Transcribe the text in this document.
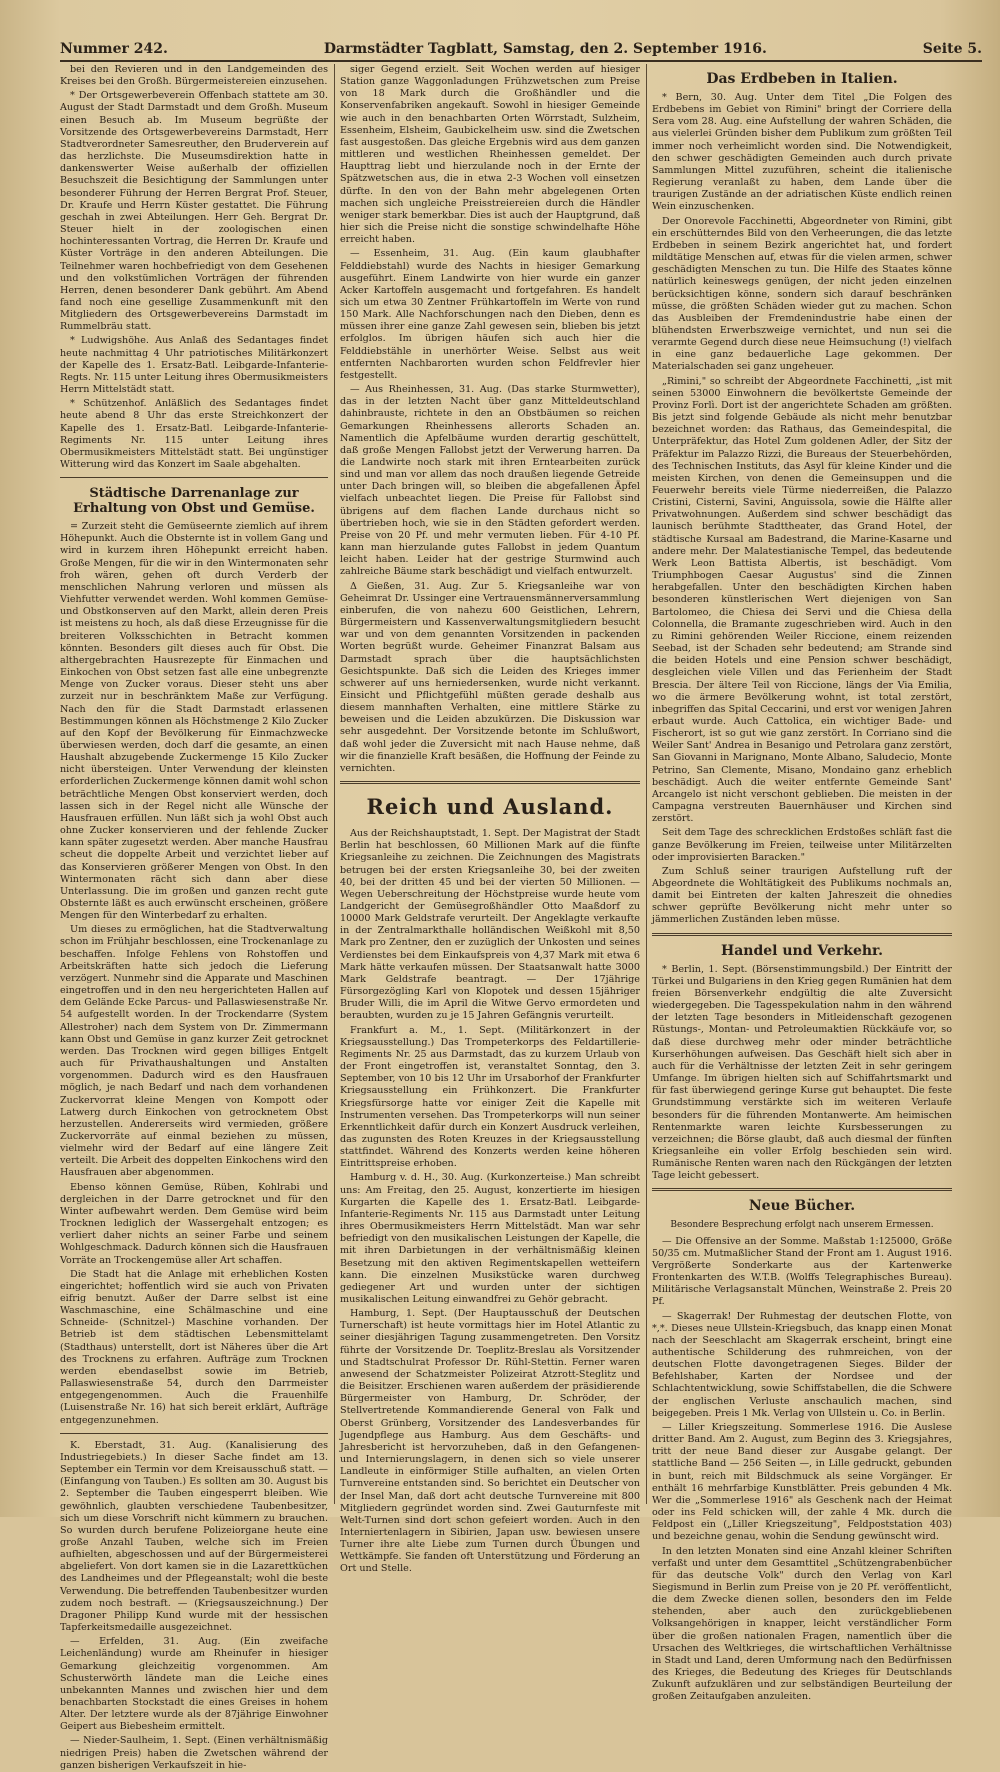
Nummer 242.	Darmstädter Tagblatt, Samstag, den 2. September 1916.	Seite 5.

bei den Revieren und in den Landgemeinden des Kreises bei den Großh. Bürgermeistereien einzusehen.

* Der Ortsgewerbeverein Offenbach stattete am 30. August der Stadt Darmstadt und dem Großh. Museum einen Besuch ab. Im Museum begrüßte der Vorsitzende des Ortsgewerbevereins Darmstadt, Herr Stadtverordneter Samesreuther, den Bruderverein auf das herzlichste. Die Museumsdirektion hatte in dankenswerter Weise außerhalb der offiziellen Besuchszeit die Besichtigung der Sammlungen unter besonderer Führung der Herren Bergrat Prof. Steuer, Dr. Kraufe und Herrn Küster gestattet. Die Führung geschah in zwei Abteilungen. Herr Geh. Bergrat Dr. Steuer hielt in der zoologischen einen hochinteressanten Vortrag, die Herren Dr. Kraufe und Küster Vorträge in den anderen Abteilungen. Die Teilnehmer waren hochbefriedigt von dem Gesehenen und den volkstümlichen Vorträgen der führenden Herren, denen besonderer Dank gebührt. Am Abend fand noch eine gesellige Zusammenkunft mit den Mitgliedern des Ortsgewerbevereins Darmstadt im Rummelbräu statt.

* Ludwigshöhe. Aus Anlaß des Sedantages findet heute nachmittag 4 Uhr patriotisches Militärkonzert der Kapelle des 1. Ersatz-Batl. Leibgarde-Infanterie-Regts. Nr. 115 unter Leitung ihres Obermusikmeisters Herrn Mittelstädt statt.

* Schützenhof. Anläßlich des Sedantages findet heute abend 8 Uhr das erste Streichkonzert der Kapelle des 1. Ersatz-Batl. Leibgarde-Infanterie-Regiments Nr. 115 unter Leitung ihres Obermusikmeisters Mittelstädt statt. Bei ungünstiger Witterung wird das Konzert im Saale abgehalten.

Städtische Darrenanlage zur Erhaltung von Obst und Gemüse.

= Zurzeit steht die Gemüseernte ziemlich auf ihrem Höhepunkt. Auch die Obsternte ist in vollem Gang und wird in kurzem ihren Höhepunkt erreicht haben. Große Mengen, für die wir in den Wintermonaten sehr froh wären, gehen oft durch Verderb der menschlichen Nahrung verloren und müssen als Viehfutter verwendet werden. Wohl kommen Gemüse- und Obstkonserven auf den Markt, allein deren Preis ist meistens zu hoch, als daß diese Erzeugnisse für die breiteren Volksschichten in Betracht kommen könnten. Besonders gilt dieses auch für Obst. Die althergebrachten Hausrezepte für Einmachen und Einkochen von Obst setzen fast alle eine unbegrenzte Menge von Zucker voraus. Dieser steht uns aber zurzeit nur in beschränktem Maße zur Verfügung. Nach den für die Stadt Darmstadt erlassenen Bestimmungen können als Höchstmenge 2 Kilo Zucker auf den Kopf der Bevölkerung für Einmachzwecke überwiesen werden, doch darf die gesamte, an einen Haushalt abzugebende Zuckermenge 15 Kilo Zucker nicht übersteigen. Unter Verwendung der kleinsten erforderlichen Zuckermenge können damit wohl schon beträchtliche Mengen Obst konserviert werden, doch lassen sich in der Regel nicht alle Wünsche der Hausfrauen erfüllen. Nun läßt sich ja wohl Obst auch ohne Zucker konservieren und der fehlende Zucker kann später zugesetzt werden. Aber manche Hausfrau scheut die doppelte Arbeit und verzichtet lieber auf das Konservieren größerer Mengen von Obst. In den Wintermonaten rächt sich dann aber diese Unterlassung. Die im großen und ganzen recht gute Obsternte läßt es auch erwünscht erscheinen, größere Mengen für den Winterbedarf zu erhalten.

Um dieses zu ermöglichen, hat die Stadtverwaltung schon im Frühjahr beschlossen, eine Trockenanlage zu beschaffen. Infolge Fehlens von Rohstoffen und Arbeitskräften hatte sich jedoch die Lieferung verzögert. Nunmehr sind die Apparate und Maschinen eingetroffen und in den neu hergerichteten Hallen auf dem Gelände Ecke Parcus- und Pallaswiesenstraße Nr. 54 aufgestellt worden. In der Trockendarre (System Allestroher) nach dem System von Dr. Zimmermann kann Obst und Gemüse in ganz kurzer Zeit getrocknet werden. Das Trocknen wird gegen billiges Entgelt auch für Privathaushaltungen und Anstalten vorgenommen. Dadurch wird es den Hausfrauen möglich, je nach Bedarf und nach dem vorhandenen Zuckervorrat kleine Mengen von Kompott oder Latwerg durch Einkochen von getrocknetem Obst herzustellen. Andererseits wird vermieden, größere Zuckervorräte auf einmal beziehen zu müssen, vielmehr wird der Bedarf auf eine längere Zeit verteilt. Die Arbeit des doppelten Einkochens wird den Hausfrauen aber abgenommen.

Ebenso können Gemüse, Rüben, Kohlrabi und dergleichen in der Darre getrocknet und für den Winter aufbewahrt werden. Dem Gemüse wird beim Trocknen lediglich der Wassergehalt entzogen; es verliert daher nichts an seiner Farbe und seinem Wohlgeschmack. Dadurch können sich die Hausfrauen Vorräte an Trockengemüse aller Art schaffen.

Die Stadt hat die Anlage mit erheblichen Kosten eingerichtet; hoffentlich wird sie auch von Privaten eifrig benutzt. Außer der Darre selbst ist eine Waschmaschine, eine Schälmaschine und eine Schneide- (Schnitzel-) Maschine vorhanden. Der Betrieb ist dem städtischen Lebensmittelamt (Stadthaus) unterstellt, dort ist Näheres über die Art des Trocknens zu erfahren. Aufträge zum Trocknen werden ebendaselbst sowie im Betrieb, Pallaswiesenstraße 54, durch den Darrmeister entgegengenommen. Auch die Frauenhilfe (Luisenstraße Nr. 16) hat sich bereit erklärt, Aufträge entgegenzunehmen.

K. Eberstadt, 31. Aug. (Kanalisierung des Industriegebiets.) In dieser Sache findet am 13. September ein Termin vor dem Kreisausschuß statt. — (Einfangung von Tauben.) Es sollten am 30. August bis 2. September die Tauben eingesperrt bleiben. Wie gewöhnlich, glaubten verschiedene Taubenbesitzer, sich um diese Vorschrift nicht kümmern zu brauchen. So wurden durch berufene Polizeiorgane heute eine große Anzahl Tauben, welche sich im Freien aufhielten, abgeschossen und auf der Bürgermeisterei abgeliefert. Von dort kamen sie in die Lazarettküchen des Landheimes und der Pflegeanstalt; wohl die beste Verwendung. Die betreffenden Taubenbesitzer wurden zudem noch bestraft. — (Kriegsauszeichnung.) Der Dragoner Philipp Kund wurde mit der hessischen Tapferkeitsmedaille ausgezeichnet.

— Erfelden, 31. Aug. (Ein zweifache Leichenländung) wurde am Rheinufer in hiesiger Gemarkung gleichzeitig vorgenommen. Am Schusterwörth ländete man die Leiche eines unbekannten Mannes und zwischen hier und dem benachbarten Stockstadt die eines Greises in hohem Alter. Der letztere wurde als der 87jährige Einwohner Geipert aus Biebesheim ermittelt.

— Nieder-Saulheim, 1. Sept. (Einen verhältnismäßig niedrigen Preis) haben die Zwetschen während der ganzen bisherigen Verkaufszeit in hie-

siger Gegend erzielt. Seit Wochen werden auf hiesiger Station ganze Waggonladungen Frühzwetschen zum Preise von 18 Mark durch die Großhändler und die Konservenfabriken angekauft. Sowohl in hiesiger Gemeinde wie auch in den benachbarten Orten Wörrstadt, Sulzheim, Essenheim, Elsheim, Gaubickelheim usw. sind die Zwetschen fast ausgestoßen. Das gleiche Ergebnis wird aus dem ganzen mittleren und westlichen Rheinhessen gemeldet. Der Haupttrag liebt und hierzulande noch in der Ernte der Spätzwetschen aus, die in etwa 2-3 Wochen voll einsetzen dürfte. In den von der Bahn mehr abgelegenen Orten machen sich ungleiche Preisstreiereien durch die Händler weniger stark bemerkbar. Dies ist auch der Hauptgrund, daß hier sich die Preise nicht die sonstige schwindelhafte Höhe erreicht haben.

— Essenheim, 31. Aug. (Ein kaum glaubhafter Felddiebstahl) wurde des Nachts in hiesiger Gemarkung ausgeführt. Einem Landwirte von hier wurde ein ganzer Acker Kartoffeln ausgemacht und fortgefahren. Es handelt sich um etwa 30 Zentner Frühkartoffeln im Werte von rund 150 Mark. Alle Nachforschungen nach den Dieben, denn es müssen ihrer eine ganze Zahl gewesen sein, blieben bis jetzt erfolglos. Im übrigen häufen sich auch hier die Felddiebstähle in unerhörter Weise. Selbst aus weit entfernten Nachbarorten wurden schon Feldfrevler hier festgestellt.

— Aus Rheinhessen, 31. Aug. (Das starke Sturmwetter), das in der letzten Nacht über ganz Mitteldeutschland dahinbrauste, richtete in den an Obstbäumen so reichen Gemarkungen Rheinhessens allerorts Schaden an. Namentlich die Apfelbäume wurden derartig geschüttelt, daß große Mengen Fallobst jetzt der Verwerung harren. Da die Landwirte noch stark mit ihren Erntearbeiten zurück sind und man vor allem das noch draußen liegende Getreide unter Dach bringen will, so bleiben die abgefallenen Äpfel vielfach unbeachtet liegen. Die Preise für Fallobst sind übrigens auf dem flachen Lande durchaus nicht so übertrieben hoch, wie sie in den Städten gefordert werden. Preise von 20 Pf. und mehr vermuten lieben. Für 4-10 Pf. kann man hierzulande gutes Fallobst in jedem Quantum leicht haben. Leider hat der gestrige Sturmwind auch zahlreiche Bäume stark beschädigt und vielfach entwurzelt.

Δ Gießen, 31. Aug. Zur 5. Kriegsanleihe war von Geheimrat Dr. Ussinger eine Vertrauensmännerversammlung einberufen, die von nahezu 600 Geistlichen, Lehrern, Bürgermeistern und Kassenverwaltungsmitgliedern besucht war und von dem genannten Vorsitzenden in packenden Worten begrüßt wurde. Geheimer Finanzrat Balsam aus Darmstadt sprach über die hauptsächlichsten Gesichtspunkte. Daß sich die Leiden des Krieges immer schwerer auf uns herniedersenken, wurde nicht verkannt. Einsicht und Pflichtgefühl müßten gerade deshalb aus diesem mannhaften Verhalten, eine mittlere Stärke zu beweisen und die Leiden abzukürzen. Die Diskussion war sehr ausgedehnt. Der Vorsitzende betonte im Schlußwort, daß wohl jeder die Zuversicht mit nach Hause nehme, daß wir die finanzielle Kraft besäßen, die Hoffnung der Feinde zu vernichten.

Reich und Ausland.

Aus der Reichshauptstadt, 1. Sept. Der Magistrat der Stadt Berlin hat beschlossen, 60 Millionen Mark auf die fünfte Kriegsanleihe zu zeichnen. Die Zeichnungen des Magistrats betrugen bei der ersten Kriegsanleihe 30, bei der zweiten 40, bei der dritten 45 und bei der vierten 50 Millionen. — Wegen Ueberschreitung der Höchstpreise wurde heute vom Landgericht der Gemüsegroßhändler Otto Maaßdorf zu 10000 Mark Geldstrafe verurteilt. Der Angeklagte verkaufte in der Zentralmarkthalle holländischen Weißkohl mit 8,50 Mark pro Zentner, den er zuzüglich der Unkosten und seines Verdienstes bei dem Einkaufspreis von 4,37 Mark mit etwa 6 Mark hätte verkaufen müssen. Der Staatsanwalt hatte 3000 Mark Geldstrafe beantragt. — Der 17jährige Fürsorgezögling Karl von Klopotek und dessen 15jähriger Bruder Willi, die im April die Witwe Gervo ermordeten und beraubten, wurden zu je 15 Jahren Gefängnis verurteilt.

Frankfurt a. M., 1. Sept. (Militärkonzert in der Kriegsausstellung.) Das Trompeterkorps des Feldartillerie-Regiments Nr. 25 aus Darmstadt, das zu kurzem Urlaub von der Front eingetroffen ist, veranstaltet Sonntag, den 3. September, von 10 bis 12 Uhr im Ursaborhof der Frankfurter Kriegsausstellung ein Frühkonzert. Die Frankfurter Kriegsfürsorge hatte vor einiger Zeit die Kapelle mit Instrumenten versehen. Das Trompeterkorps will nun seiner Erkenntlichkeit dafür durch ein Konzert Ausdruck verleihen, das zugunsten des Roten Kreuzes in der Kriegsausstellung stattfindet. Während des Konzerts werden keine höheren Eintrittspreise erhoben.

Hamburg v. d. H., 30. Aug. (Kurkonzerteise.) Man schreibt uns: Am Freitag, den 25. August, konzertierte im hiesigen Kurgarten die Kapelle des 1. Ersatz-Batl. Leibgarde-Infanterie-Regiments Nr. 115 aus Darmstadt unter Leitung ihres Obermusikmeisters Herrn Mittelstädt. Man war sehr befriedigt von den musikalischen Leistungen der Kapelle, die mit ihren Darbietungen in der verhältnismäßig kleinen Besetzung mit den aktiven Regimentskapellen wetteifern kann. Die einzelnen Musikstücke waren durchweg gediegener Art und wurden unter der sichtigen musikalischen Leitung einwandfrei zu Gehör gebracht.

Hamburg, 1. Sept. (Der Hauptausschuß der Deutschen Turnerschaft) ist heute vormittags hier im Hotel Atlantic zu seiner diesjährigen Tagung zusammengetreten. Den Vorsitz führte der Vorsitzende Dr. Toeplitz-Breslau als Vorsitzender und Stadtschulrat Professor Dr. Rühl-Stettin. Ferner waren anwesend der Schatzmeister Polizeirat Atzrott-Steglitz und die Beisitzer. Erschienen waren außerdem der präsidierende Bürgermeister von Hamburg, Dr. Schröder, der Stellvertretende Kommandierende General von Falk und Oberst Grünberg, Vorsitzender des Landesverbandes für Jugendpflege aus Hamburg. Aus dem Geschäfts- und Jahresbericht ist hervorzuheben, daß in den Gefangenen- und Internierungslagern, in denen sich so viele unserer Landleute in einförmiger Stille aufhalten, an vielen Orten Turnvereine entstanden sind. So berichtet ein Deutscher von der Insel Man, daß dort acht deutsche Turnvereine mit 800 Mitgliedern gegründet worden sind. Zwei Gauturnfeste mit Welt-Turnen sind dort schon gefeiert worden. Auch in den Interniertenlagern in Sibirien, Japan usw. bewiesen unsere Turner ihre alte Liebe zum Turnen durch Übungen und Wettkämpfe. Sie fanden oft Unterstützung und Förderung an Ort und Stelle.

Das Erdbeben in Italien.

* Bern, 30. Aug. Unter dem Titel „Die Folgen des Erdbebens im Gebiet von Rimini" bringt der Corriere della Sera vom 28. Aug. eine Aufstellung der wahren Schäden, die aus vielerlei Gründen bisher dem Publikum zum größten Teil immer noch verheimlicht worden sind. Die Notwendigkeit, den schwer geschädigten Gemeinden auch durch private Sammlungen Mittel zuzuführen, scheint die italienische Regierung veranlaßt zu haben, dem Lande über die traurigen Zustände an der adriatischen Küste endlich reinen Wein einzuschenken.

Der Onorevole Facchinetti, Abgeordneter von Rimini, gibt ein erschütterndes Bild von den Verheerungen, die das letzte Erdbeben in seinem Bezirk angerichtet hat, und fordert mildtätige Menschen auf, etwas für die vielen armen, schwer geschädigten Menschen zu tun. Die Hilfe des Staates könne natürlich keineswegs genügen, der nicht jeden einzelnen berücksichtigen könne, sondern sich darauf beschränken müsse, die größten Schäden wieder gut zu machen. Schon das Ausbleiben der Fremdenindustrie habe einen der blühendsten Erwerbszweige vernichtet, und nun sei die verarmte Gegend durch diese neue Heimsuchung (!) vielfach in eine ganz bedauerliche Lage gekommen. Der Materialschaden sei ganz ungeheuer.

„Rimini," so schreibt der Abgeordnete Facchinetti, „ist mit seinen 53000 Einwohnern die bevölkertste Gemeinde der Provinz Forlì. Dort ist der angerichtete Schaden am größten. Bis jetzt sind folgende Gebäude als nicht mehr benutzbar bezeichnet worden: das Rathaus, das Gemeindespital, die Unterpräfektur, das Hotel Zum goldenen Adler, der Sitz der Präfektur im Palazzo Rizzi, die Bureaus der Steuerbehörden, des Technischen Instituts, das Asyl für kleine Kinder und die meisten Kirchen, von denen die Gemeinsuppen und die Feuerwehr bereits viele Türme niederreißen, die Palazzo Cristini, Cisterni, Savini, Anguissola, sowie die Hälfte aller Privatwohnungen. Außerdem sind schwer beschädigt das launisch berühmte Stadttheater, das Grand Hotel, der städtische Kursaal am Badestrand, die Marine-Kasarne und andere mehr. Der Malatestianische Tempel, das bedeutende Werk Leon Battista Albertis, ist beschädigt. Vom Triumphbogen Caesar Augustus' sind die Zinnen herabgefallen. Unter den beschädigten Kirchen haben besonderen künstlerischen Wert diejenigen von San Bartolomeo, die Chiesa dei Servi und die Chiesa della Colonnella, die Bramante zugeschrieben wird. Auch in den zu Rimini gehörenden Weiler Riccione, einem reizenden Seebad, ist der Schaden sehr bedeutend; am Strande sind die beiden Hotels und eine Pension schwer beschädigt, desgleichen viele Villen und das Ferienheim der Stadt Brescia. Der ältere Teil von Riccione, längs der Via Emilia, wo die ärmere Bevölkerung wohnt, ist total zerstört, inbegriffen das Spital Ceccarini, und erst vor wenigen Jahren erbaut wurde. Auch Cattolica, ein wichtiger Bade- und Fischerort, ist so gut wie ganz zerstört. In Corriano sind die Weiler Sant' Andrea in Besanigo und Petrolara ganz zerstört, San Giovanni in Marignano, Monte Albano, Saludecio, Monte Petrino, San Clemente, Misano, Mondaino ganz erheblich beschädigt. Auch die weiter entfernte Gemeinde Sant' Arcangelo ist nicht verschont geblieben. Die meisten in der Campagna verstreuten Bauernhäuser und Kirchen sind zerstört.

Seit dem Tage des schrecklichen Erdstoßes schläft fast die ganze Bevölkerung im Freien, teilweise unter Militärzelten oder improvisierten Baracken."

Zum Schluß seiner traurigen Aufstellung ruft der Abgeordnete die Wohltätigkeit des Publikums nochmals an, damit bei Eintreten der kalten Jahreszeit die ohnedies schwer geprüfte Bevölkerung nicht mehr unter so jämmerlichen Zuständen leben müsse.

Handel und Verkehr.

* Berlin, 1. Sept. (Börsenstimmungsbild.) Der Eintritt der Türkei und Bulgariens in den Krieg gegen Rumänien hat dem freien Börsenverkehr endgültig die alte Zuversicht wiedergegeben. Die Tagesspekulation nahm in den während der letzten Tage besonders in Mitleidenschaft gezogenen Rüstungs-, Montan- und Petroleumaktien Rückkäufe vor, so daß diese durchweg mehr oder minder beträchtliche Kurserhöhungen aufweisen. Das Geschäft hielt sich aber in auch für die Verhältnisse der letzten Zeit in sehr geringem Umfange. Im übrigen hielten sich auf Schiffahrtsmarkt und für fast überwiegend geringe Kurse gut behauptet. Die feste Grundstimmung verstärkte sich im weiteren Verlaufe besonders für die führenden Montanwerte. Am heimischen Rentenmarkte waren leichte Kursbesserungen zu verzeichnen; die Börse glaubt, daß auch diesmal der fünften Kriegsanleihe ein voller Erfolg beschieden sein wird. Rumänische Renten waren nach den Rückgängen der letzten Tage leicht gebessert.

Neue Bücher.
Besondere Besprechung erfolgt nach unserem Ermessen.

— Die Offensive an der Somme. Maßstab 1:125000, Größe 50/35 cm. Mutmaßlicher Stand der Front am 1. August 1916. Vergrößerte Sonderkarte aus der Kartenwerke Frontenkarten des W.T.B. (Wolffs Telegraphisches Bureau). Militärische Verlagsanstalt München, Weinstraße 2. Preis 20 Pf.

— Skagerrak! Der Ruhmestag der deutschen Flotte, von *,*. Dieses neue Ullstein-Kriegsbuch, das knapp einen Monat nach der Seeschlacht am Skagerrak erscheint, bringt eine authentische Schilderung des ruhmreichen, von der deutschen Flotte davongetragenen Sieges. Bilder der Befehlshaber, Karten der Nordsee und der Schlachtentwicklung, sowie Schiffstabellen, die die Schwere der englischen Verluste anschaulich machen, sind beigegeben. Preis 1 Mk. Verlag von Ullstein u. Co. in Berlin.

— Liller Kriegszeitung. Sommerlese 1916. Die Auslese dritter Band. Am 2. August, zum Beginn des 3. Kriegsjahres, tritt der neue Band dieser zur Ausgabe gelangt. Der stattliche Band — 256 Seiten —, in Lille gedruckt, gebunden in bunt, reich mit Bildschmuck als seine Vorgänger. Er enthält 16 mehrfarbige Kunstblätter. Preis gebunden 4 Mk. Wer die „Sommerlese 1916" als Geschenk nach der Heimat oder ins Feld schicken will, der zahle 4 Mk. durch die Feldpost ein („Liller Kriegszeitung", Feldpoststation 403) und bezeichne genau, wohin die Sendung gewünscht wird.

In den letzten Monaten sind eine Anzahl kleiner Schriften verfaßt und unter dem Gesamttitel „Schützengrabenbücher für das deutsche Volk" durch den Verlag von Karl Siegismund in Berlin zum Preise von je 20 Pf. veröffentlicht, die dem Zwecke dienen sollen, besonders den im Felde stehenden, aber auch den zurückgebliebenen Volksangehörigen in knapper, leicht verständlicher Form über die großen nationalen Fragen, namentlich über die Ursachen des Weltkrieges, die wirtschaftlichen Verhältnisse in Stadt und Land, deren Umformung nach den Bedürfnissen des Krieges, die Bedeutung des Krieges für Deutschlands Zukunft aufzuklären und zur selbständigen Beurteilung der großen Zeitaufgaben anzuleiten.
